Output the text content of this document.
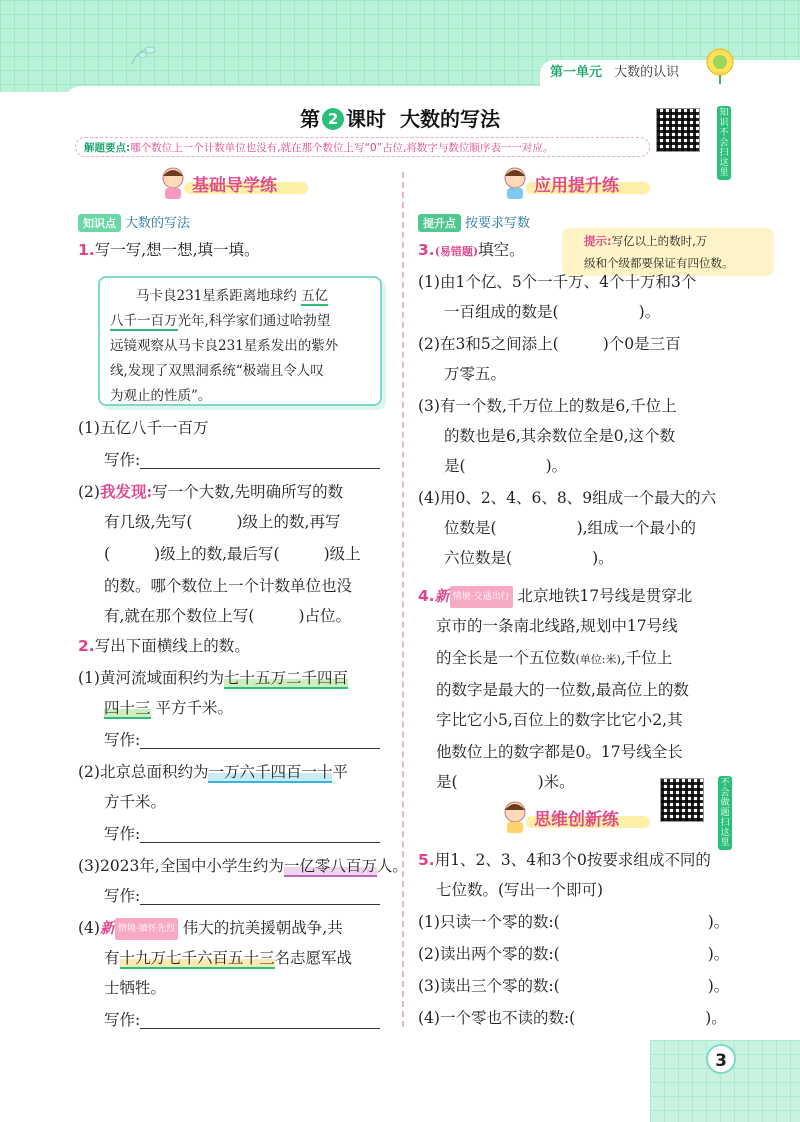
第一单元 大数的认识
第 2 课时 大数的写法	知识不会扫这里
解题要点:哪个数位上一个计数单位也没有,就在那个数位上写“0”占位,将数字与数位顺序表一一对应。
基础导学练
知识点 大数的写法
1.写一写,想一想,填一填。
马卡良231星系距离地球约 五亿
八千一百万光年,科学家们通过哈勃望
远镜观察从马卡良231星系发出的紫外
线,发现了双黑洞系统“极端且令人叹
为观止的性质”。
(1)五亿八千一百万
写作:
(2)我发现:写一个大数,先明确所写的数
有几级,先写(	)级上的数,再写
(	)级上的数,最后写(	)级上
的数。哪个数位上一个计数单位也没
有,就在那个数位上写(	)占位。
2.写出下面横线上的数。
(1)黄河流域面积约为七十五万二千四百
四十三 平方千米。
写作:
(2)北京总面积约为一万六千四百一十平
方千米。
写作:
(3)2023年,全国中小学生约为一亿零八百万人。
写作:
(4)新 情境·缅怀先烈 伟大的抗美援朝战争,共
有十九万七千六百五十三名志愿军战
士牺牲。
写作:
应用提升练
提升点 按要求写数
3.(易错题)填空。	提示:写亿以上的数时,万
级和个级都要保证有四位数。
(1)由1个亿、5个一千万、4个十万和3个
一百组成的数是(	)。
(2)在3和5之间添上(	)个0是三百
万零五。
(3)有一个数,千万位上的数是6,千位上
的数也是6,其余数位全是0,这个数
是(	)。
(4)用0、2、4、6、8、9组成一个最大的六
位数是(	),组成一个最小的
六位数是(	)。
4.新 情境·交通出行 北京地铁17号线是贯穿北
京市的一条南北线路,规划中17号线
的全长是一个五位数(单位:米),千位上
的数字是最大的一位数,最高位上的数
字比它小5,百位上的数字比它小2,其
他数位上的数字都是0。17号线全长
是(	)米。	不会做题扫这里
思维创新练
5.用1、2、3、4和3个0按要求组成不同的
七位数。(写出一个即可)
(1)只读一个零的数:(	)。
(2)读出两个零的数:(	)。
(3)读出三个零的数:(	)。
(4)一个零也不读的数:(	)。
3
